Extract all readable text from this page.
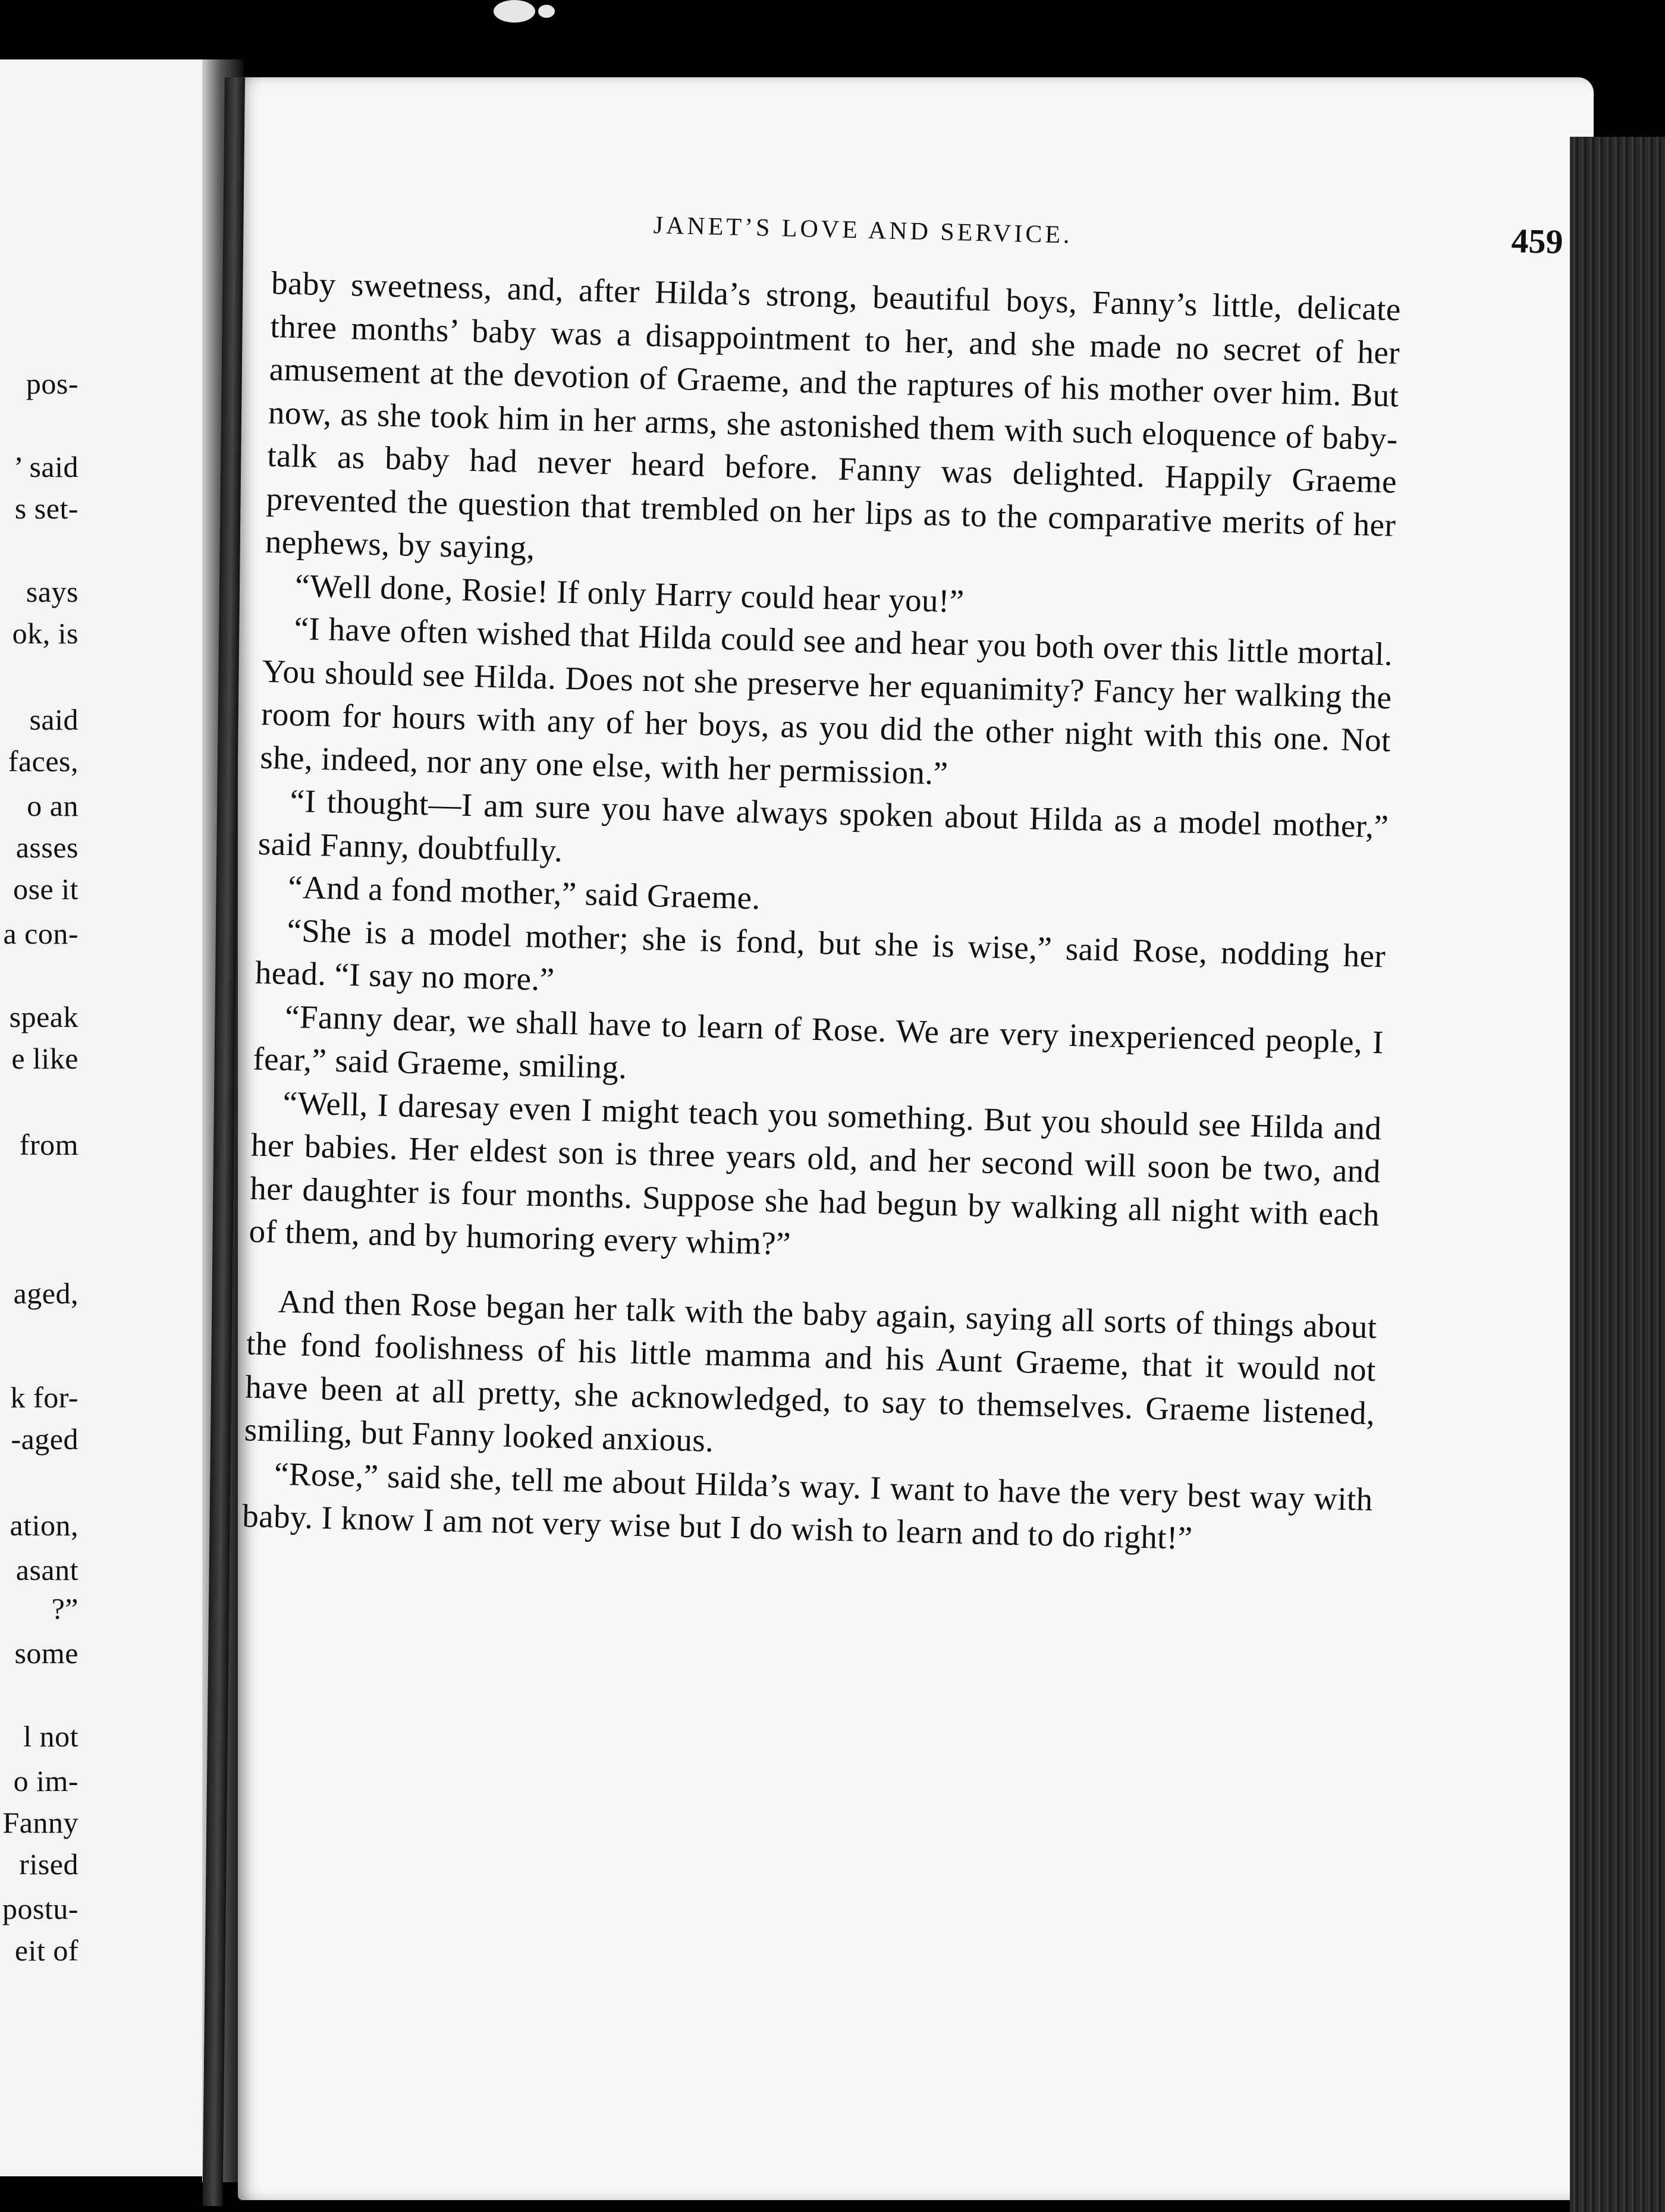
pos-
’ said
s set-
says
ok, is
said
faces,
o an
asses
ose it
a con-
speak
e like
from
aged,
k for-
-aged
ation,
asant
?”
some
l not
o im-
Fanny
rised
postu-
eit of
JANET’S LOVE AND SERVICE.	459

baby sweetness, and, after Hilda’s strong, beautiful boys, Fanny’s little, delicate three months’ baby was a disappointment to her, and she made no secret of her amusement at the devotion of Graeme, and the raptures of his mother over him. But now, as she took him in her arms, she astonished them with such eloquence of baby-talk as baby had never heard before. Fanny was delighted. Happily Graeme prevented the question that trembled on her lips as to the comparative merits of her nephews, by saying,

“Well done, Rosie! If only Harry could hear you!”

“I have often wished that Hilda could see and hear you both over this little mortal. You should see Hilda. Does not she preserve her equanimity? Fancy her walking the room for hours with any of her boys, as you did the other night with this one. Not she, indeed, nor any one else, with her permission.”

“I thought—I am sure you have always spoken about Hilda as a model mother,” said Fanny, doubtfully.

“And a fond mother,” said Graeme.

“She is a model mother; she is fond, but she is wise,” said Rose, nodding her head. “I say no more.”

“Fanny dear, we shall have to learn of Rose. We are very inexperienced people, I fear,” said Graeme, smiling.

“Well, I daresay even I might teach you something. But you should see Hilda and her babies. Her eldest son is three years old, and her second will soon be two, and her daughter is four months. Suppose she had begun by walking all night with each of them, and by humoring every whim?”

And then Rose began her talk with the baby again, saying all sorts of things about the fond foolishness of his little mamma and his Aunt Graeme, that it would not have been at all pretty, she acknowledged, to say to themselves. Graeme listened, smiling, but Fanny looked anxious.

“Rose,” said she, tell me about Hilda’s way. I want to have the very best way with baby. I know I am not very wise but I do wish to learn and to do right!”
